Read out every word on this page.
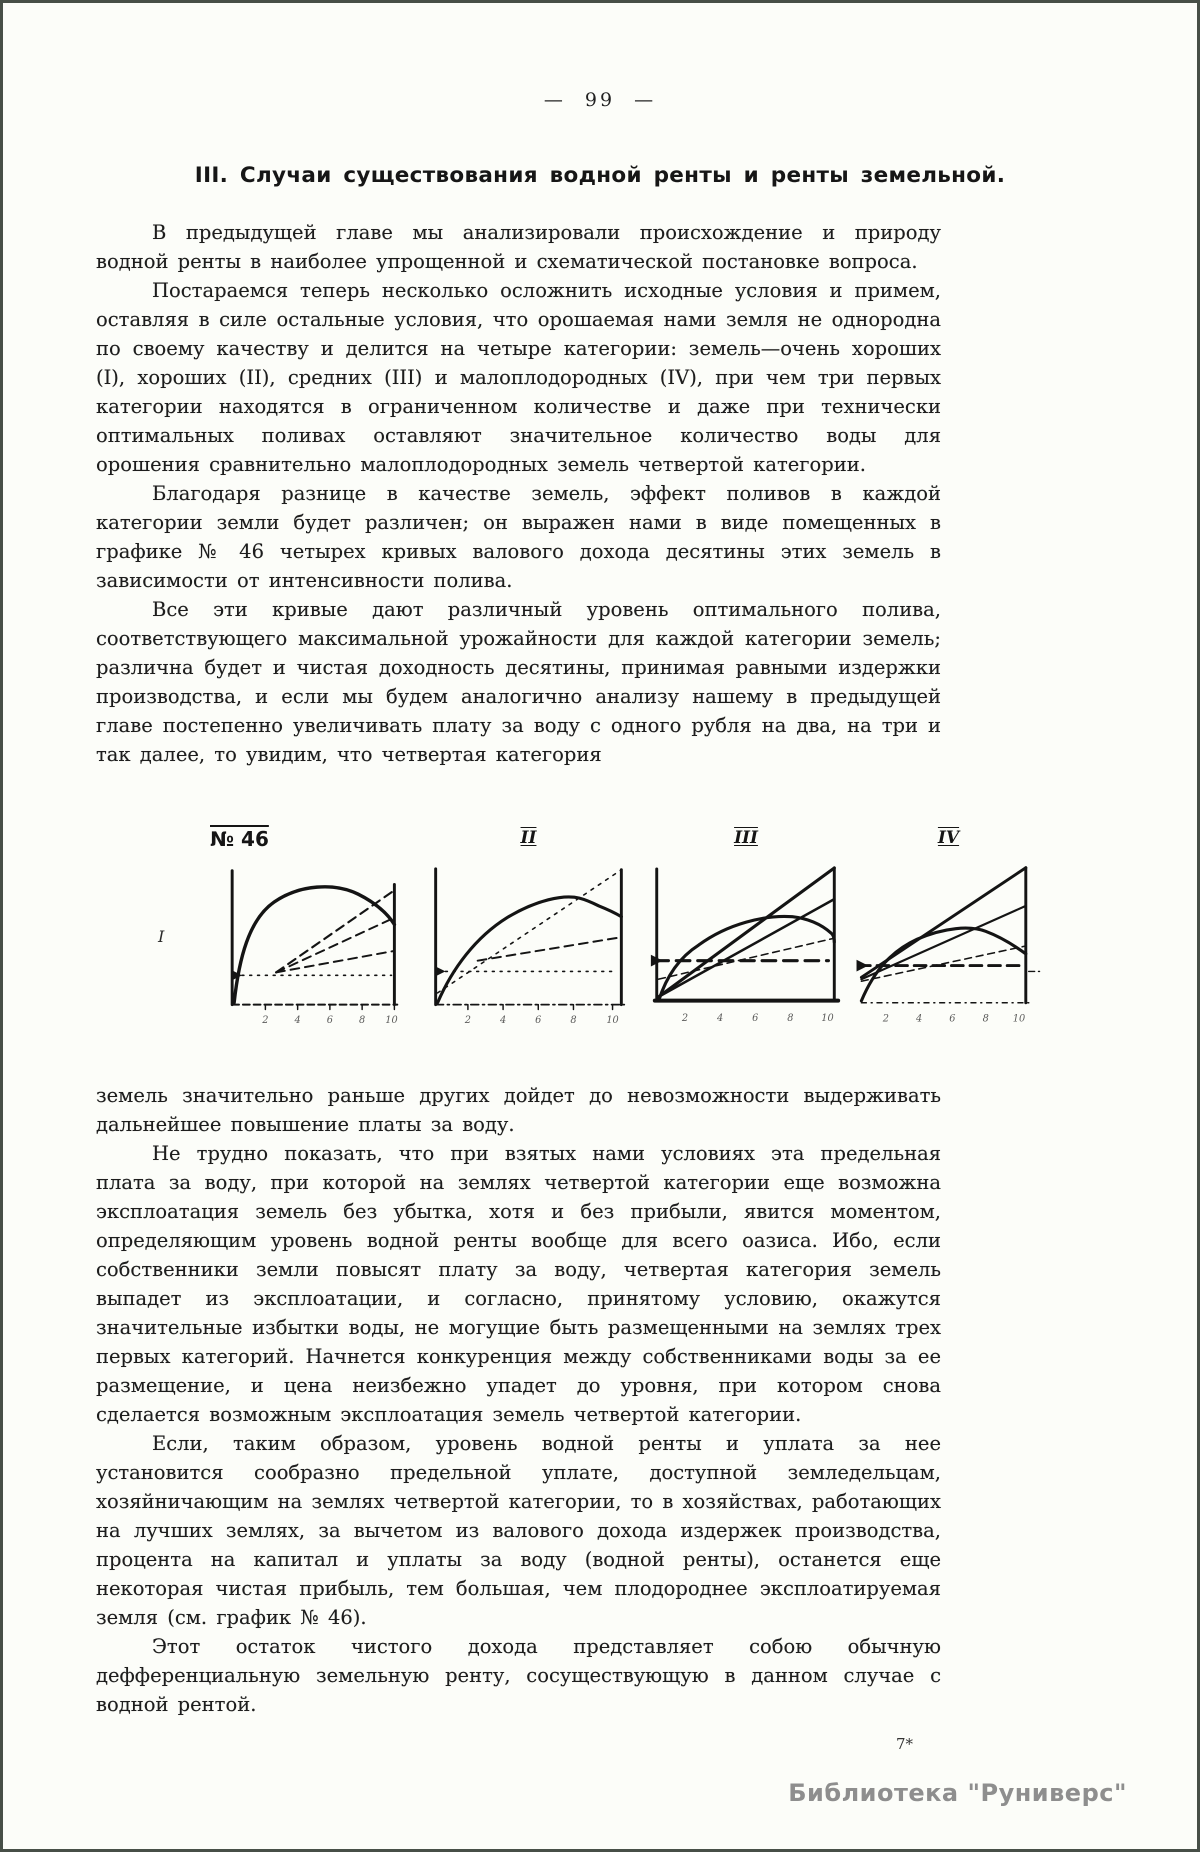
— 99 —
III. Случаи существования водной ренты и ренты земельной.

В предыдущей главе мы анализировали происхождение и природу водной ренты в наиболее упрощенной и схематической постановке вопроса.

Постараемся теперь несколько осложнить исходные условия и примем, оставляя в силе остальные условия, что орошаемая нами земля не однородна по своему качеству и делится на четыре категории: земель—очень хороших (I), хороших (II), средних (III) и малоплодородных (IV), при чем три первых категории находятся в ограниченном количестве и даже при технически оптимальных поливах оставляют значительное количество воды для орошения сравнительно малоплодородных земель четвертой категории.

Благодаря разнице в качестве земель, эффект поливов в каждой категории земли будет различен; он выражен нами в виде помещенных в графике № 46 четырех кривых валового дохода десятины этих земель в зависимости от интенсивности полива.

Все эти кривые дают различный уровень оптимального полива, соответствующего максимальной урожайности для каждой категории земель; различна будет и чистая доходность десятины, принимая равными издержки производства, и если мы будем аналогично анализу нашему в предыдущей главе постепенно увеличивать плату за воду с одного рубля на два, на три и так далее, то увидим, что четвертая категория

I
№ 46
2	4	6	8 10
II
2	4	6	8	10
III
2	4	6	8	10
IV
2	4	6	8 10

земель значительно раньше других дойдет до невозможности выдерживать дальнейшее повышение платы за воду.

Не трудно показать, что при взятых нами условиях эта предельная плата за воду, при которой на землях четвертой категории еще возможна эксплоатация земель без убытка, хотя и без прибыли, явится моментом, определяющим уровень водной ренты вообще для всего оазиса. Ибо, если собственники земли повысят плату за воду, четвертая категория земель выпадет из эксплоатации, и согласно, принятому условию, окажутся значительные избытки воды, не могущие быть размещенными на землях трех первых категорий. Начнется конкуренция между собственниками воды за ее размещение, и цена неизбежно упадет до уровня, при котором снова сделается возможным эксплоатация земель четвертой категории.

Если, таким образом, уровень водной ренты и уплата за нее установится сообразно предельной уплате, доступной земледельцам, хозяйничающим на землях четвертой категории, то в хозяйствах, работающих на лучших землях, за вычетом из валового дохода издержек производства, процента на капитал и уплаты за воду (водной ренты), останется еще некоторая чистая прибыль, тем большая, чем плодороднее эксплоатируемая земля (см. график № 46).

Этот остаток чистого дохода представляет собою обычную дефференциальную земельную ренту, сосуществующую в данном случае с водной рентой.

7*
Библиотека "Руниверс"
